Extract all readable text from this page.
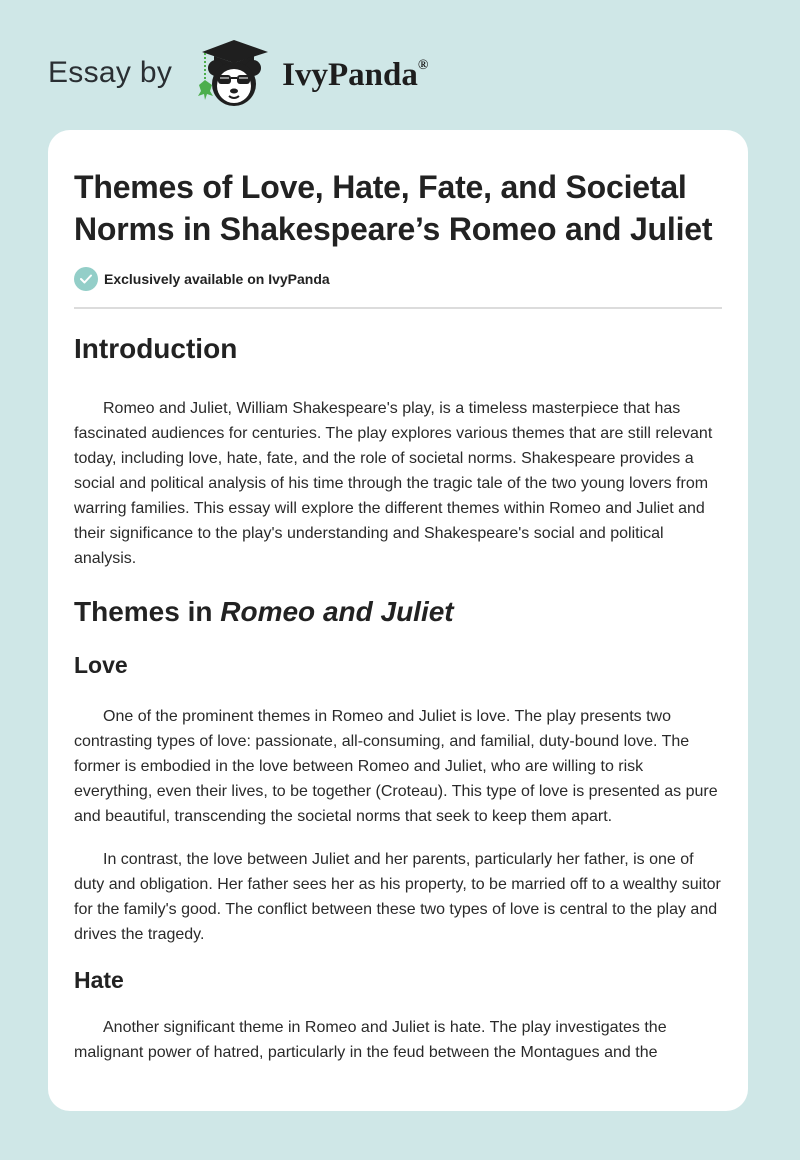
Essay by	IvyPanda®
Themes of Love, Hate, Fate, and Societal Norms in Shakespeare’s Romeo and Juliet
Exclusively available on IvyPanda
Introduction

Romeo and Juliet, William Shakespeare's play, is a timeless masterpiece that has fascinated audiences for centuries. The play explores various themes that are still relevant today, including love, hate, fate, and the role of societal norms. Shakespeare provides a social and political analysis of his time through the tragic tale of the two young lovers from warring families. This essay will explore the different themes within Romeo and Juliet and their significance to the play's understanding and Shakespeare's social and political analysis.

Themes in Romeo and Juliet
Love

One of the prominent themes in Romeo and Juliet is love. The play presents two contrasting types of love: passionate, all-consuming, and familial, duty-bound love. The former is embodied in the love between Romeo and Juliet, who are willing to risk everything, even their lives, to be together (Croteau). This type of love is presented as pure and beautiful, transcending the societal norms that seek to keep them apart.

In contrast, the love between Juliet and her parents, particularly her father, is one of duty and obligation. Her father sees her as his property, to be married off to a wealthy suitor for the family's good. The conflict between these two types of love is central to the play and drives the tragedy.

Hate

Another significant theme in Romeo and Juliet is hate. The play investigates the malignant power of hatred, particularly in the feud between the Montagues and the
